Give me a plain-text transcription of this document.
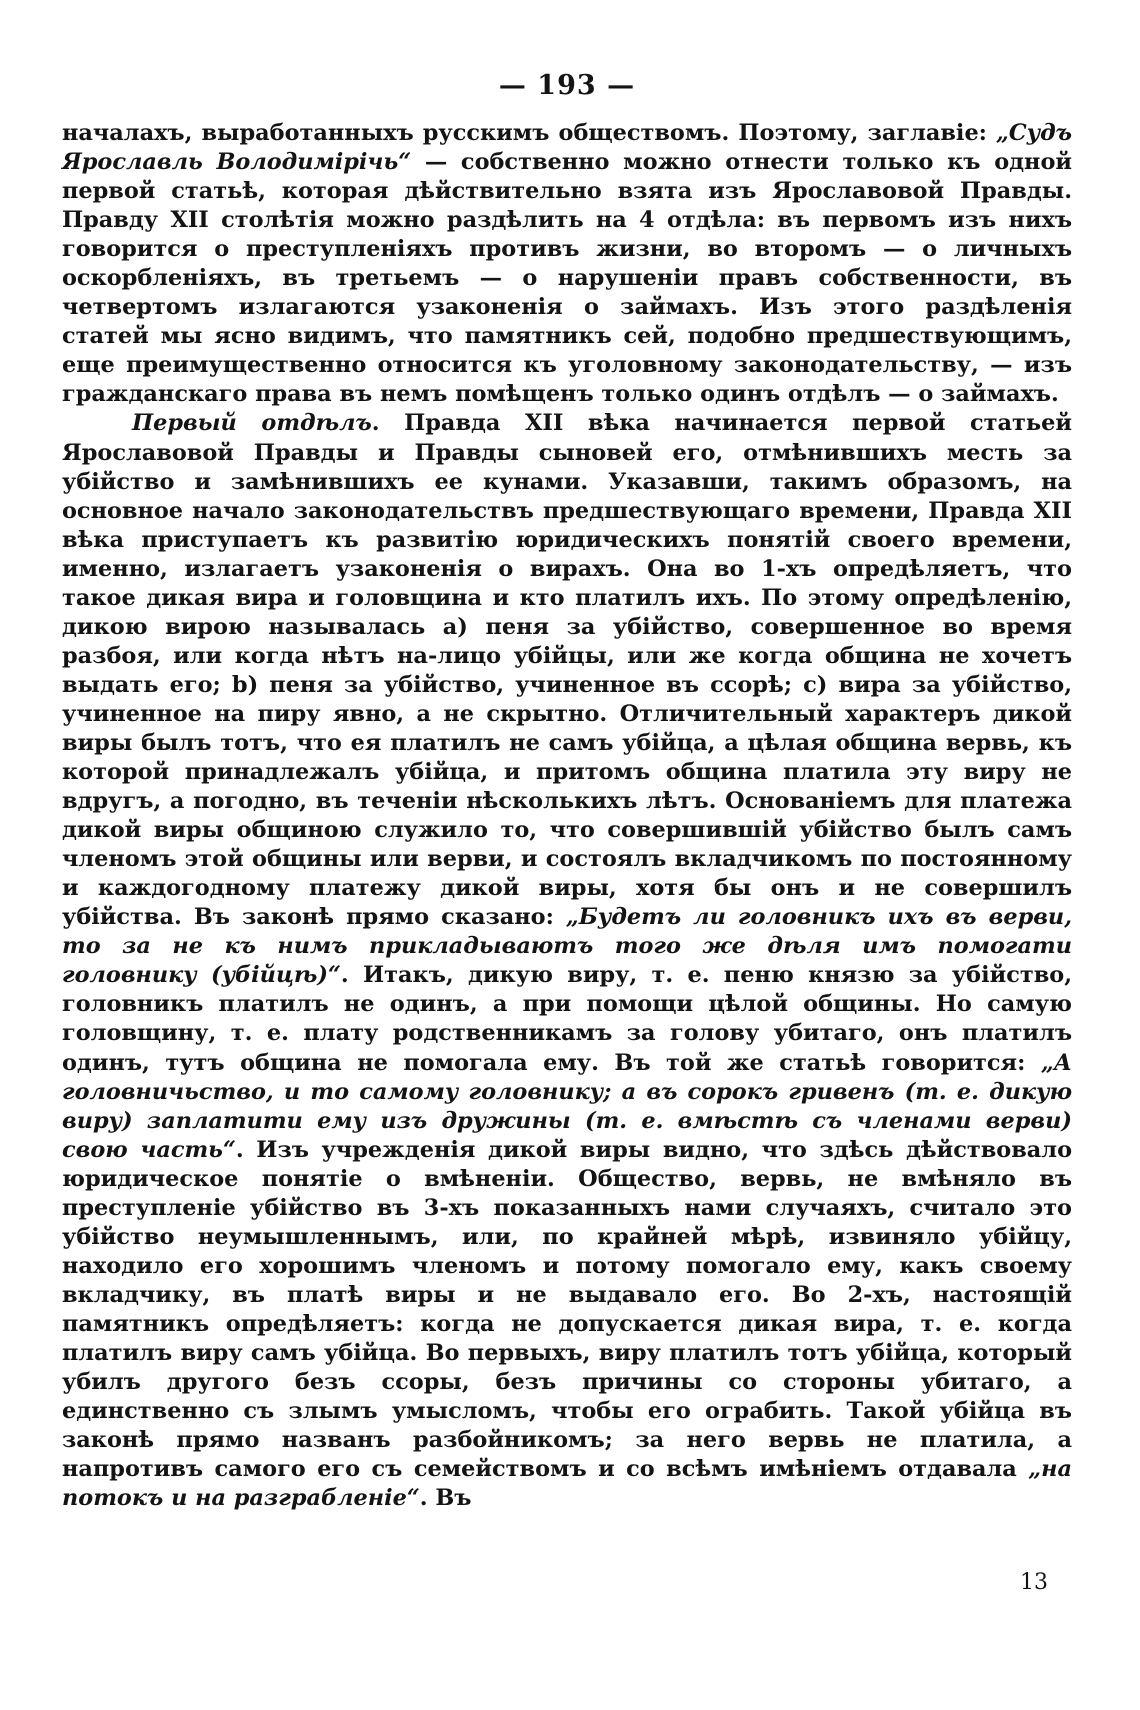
— 193 —

началахъ, выработанныхъ русскимъ обществомъ. Поэтому, заглавіе: „Судъ Ярославль Володимірічь“ — собственно можно отнести только къ одной первой статьѣ, которая дѣйствительно взята изъ Ярославовой Правды. Правду XII столѣтія можно раздѣлить на 4 отдѣла: въ первомъ изъ нихъ говорится о преступленіяхъ противъ жизни, во второмъ — о личныхъ оскорбленіяхъ, въ третьемъ — о нарушеніи правъ собственности, въ четвертомъ излагаются узаконенія о займахъ. Изъ этого раздѣленія статей мы ясно видимъ, что памятникъ сей, подобно предшествующимъ, еще преимущественно относится къ уголовному законодательству, — изъ гражданскаго права въ немъ помѣщенъ только одинъ отдѣлъ — о займахъ.

Первый отдѣлъ. Правда XII вѣка начинается первой статьей Ярославовой Правды и Правды сыновей его, отмѣнившихъ месть за убійство и замѣнившихъ ее кунами. Указавши, такимъ образомъ, на основное начало законодательствъ предшествующаго времени, Правда XII вѣка приступаетъ къ развитію юридическихъ понятій своего времени, именно, излагаетъ узаконенія о вирахъ. Она во 1-хъ опредѣляетъ, что такое дикая вира и головщина и кто платилъ ихъ. По этому опредѣленію, дикою вирою называлась a) пеня за убійство, совершенное во время разбоя, или когда нѣтъ на-лицо убійцы, или же когда община не хочетъ выдать его; b) пеня за убійство, учиненное въ ссорѣ; c) вира за убійство, учиненное на пиру явно, а не скрытно. Отличительный характеръ дикой виры былъ тотъ, что ея платилъ не самъ убійца, а цѣлая община вервь, къ которой принадлежалъ убійца, и притомъ община платила эту виру не вдругъ, а погодно, въ теченіи нѣсколькихъ лѣтъ. Основаніемъ для платежа дикой виры общиною служило то, что совершившій убійство былъ самъ членомъ этой общины или верви, и состоялъ вкладчикомъ по постоянному и каждогодному платежу дикой виры, хотя бы онъ и не совершилъ убійства. Въ законѣ прямо сказано: „Будетъ ли головникъ ихъ въ верви, то за не къ нимъ прикладываютъ того же дѣля имъ помогати головнику (убійцѣ)“. Итакъ, дикую виру, т. е. пеню князю за убійство, головникъ платилъ не одинъ, а при помощи цѣлой общины. Но самую головщину, т. е. плату родственникамъ за голову убитаго, онъ платилъ одинъ, тутъ община не помогала ему. Въ той же статьѣ говорится: „А головничьство, и то самому головнику; а въ сорокъ гривенъ (т. е. дикую виру) заплатити ему изъ дружины (т. е. вмѣстѣ съ членами верви) свою часть“. Изъ учрежденія дикой виры видно, что здѣсь дѣйствовало юридическое понятіе о вмѣненіи. Общество, вервь, не вмѣняло въ преступленіе убійство въ 3-хъ показанныхъ нами случаяхъ, считало это убійство неумышленнымъ, или, по крайней мѣрѣ, извиняло убійцу, находило его хорошимъ членомъ и потому помогало ему, какъ своему вкладчику, въ платѣ виры и не выдавало его. Во 2-хъ, настоящій памятникъ опредѣляетъ: когда не допускается дикая вира, т. е. когда платилъ виру самъ убійца. Во первыхъ, виру платилъ тотъ убійца, который убилъ другого безъ ссоры, безъ причины со стороны убитаго, а единственно съ злымъ умысломъ, чтобы его ограбить. Такой убійца въ законѣ прямо названъ разбойникомъ; за него вервь не платила, а напротивъ самого его съ семействомъ и со всѣмъ имѣніемъ отдавала „на потокъ и на разграбленіе“. Въ

13
